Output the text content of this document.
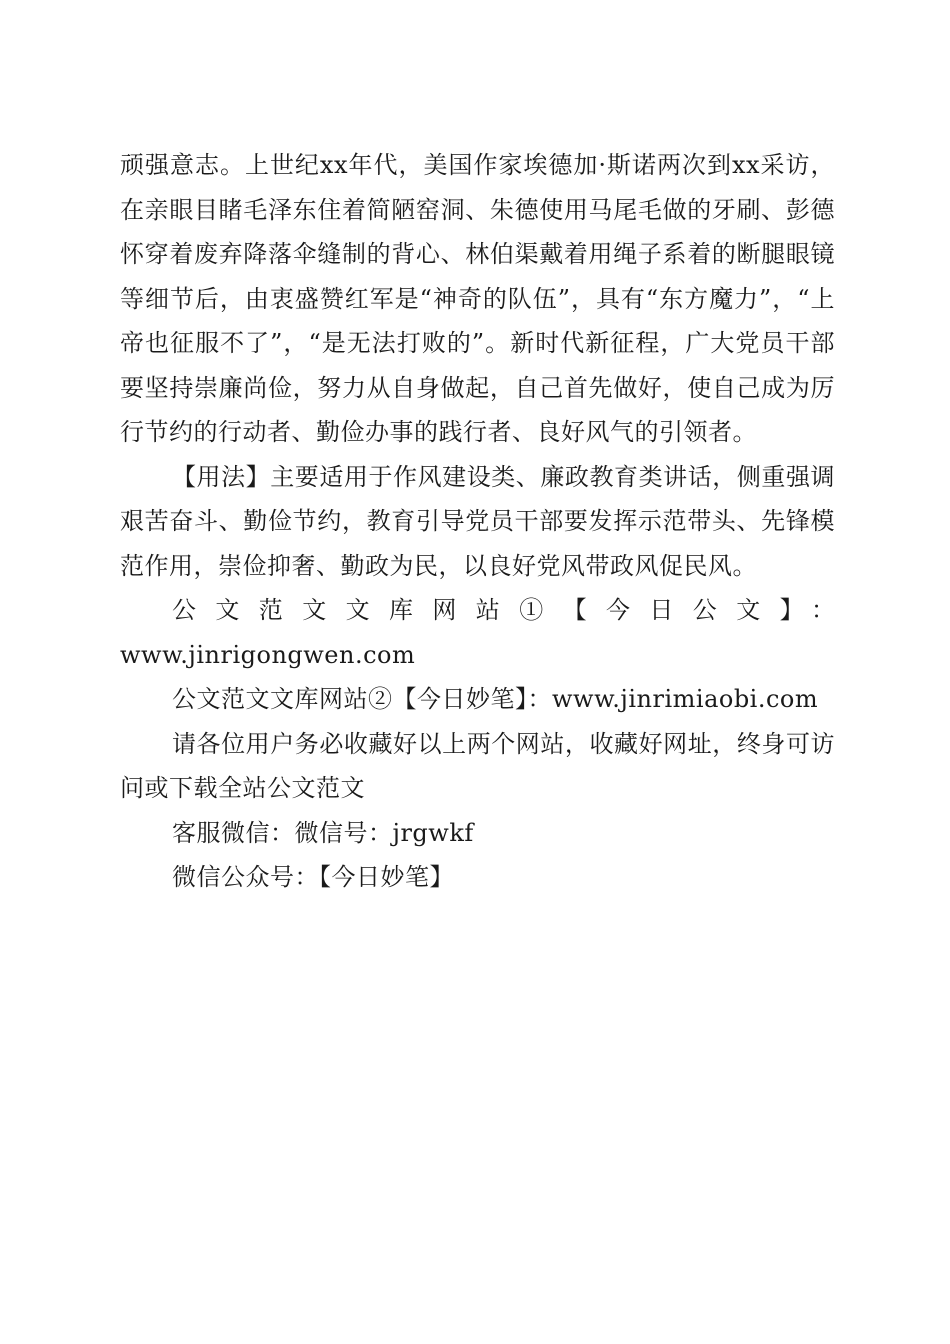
顽强意志。上世纪xx年代，美国作家埃德加·斯诺两次到xx采访，在亲眼目睹毛泽东住着简陋窑洞、朱德使用马尾毛做的牙刷、彭德怀穿着废弃降落伞缝制的背心、林伯渠戴着用绳子系着的断腿眼镜等细节后，由衷盛赞红军是“神奇的队伍”，具有“东方魔力”，“上帝也征服不了”，“是无法打败的”。新时代新征程，广大党员干部要坚持崇廉尚俭，努力从自身做起，自己首先做好，使自己成为厉行节约的行动者、勤俭办事的践行者、良好风气的引领者。

【用法】主要适用于作风建设类、廉政教育类讲话，侧重强调艰苦奋斗、勤俭节约，教育引导党员干部要发挥示范带头、先锋模范作用，崇俭抑奢、勤政为民，以良好党风带政风促民风。

公文范文文库网站①【今日公文】：
www.jinrigongwen.com
公文范文文库网站②【今日妙笔】：www.jinrimiaobi.com

请各位用户务必收藏好以上两个网站，收藏好网址，终身可访问或下载全站公文范文

客服微信：微信号：jrgwkf
微信公众号：【今日妙笔】
